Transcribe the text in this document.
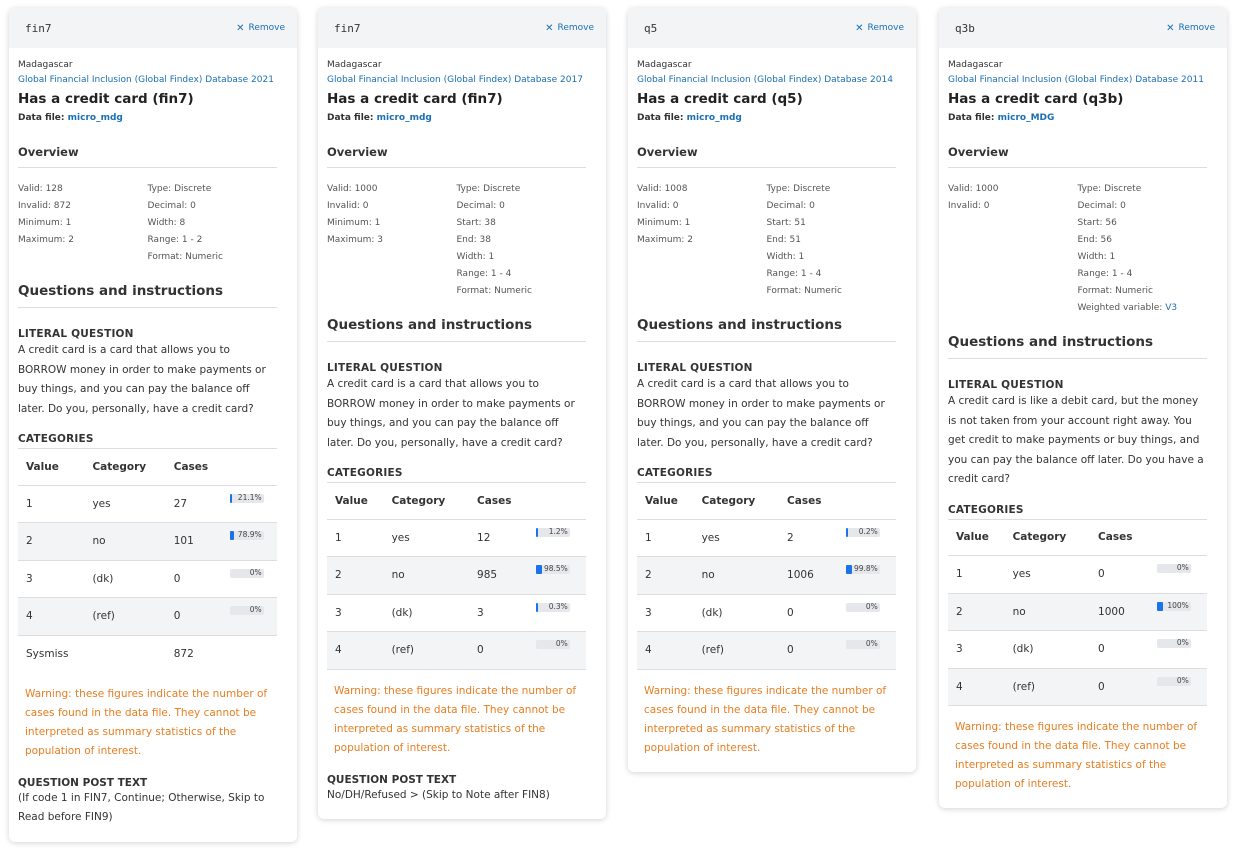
fin7	✕ Remove
Madagascar
Global Financial Inclusion (Global Findex) Database 2021
Has a credit card (fin7)
Data file: micro_mdg
Overview
Valid: 128
Invalid: 872
Minimum: 1
Maximum: 2
Type: Discrete
Decimal: 0
Width: 8
Range: 1 - 2
Format: Numeric
Questions and instructions
LITERAL QUESTION
A credit card is a card that allows you to BORROW money in order to make payments or buy things, and you can pay the balance off later. Do you, personally, have a credit card?
CATEGORIES
Value	Category	Cases	
1	yes	27	21.1%

2	no	101	78.9%

3	(dk)	0	0%

4	(ref)	0	0%

Sysmiss		872	
Warning: these figures indicate the number of cases found in the data file. They cannot be interpreted as summary statistics of the population of interest.
QUESTION POST TEXT
(If code 1 in FIN7, Continue; Otherwise, Skip to Read before FIN9)
fin7	✕ Remove
Madagascar
Global Financial Inclusion (Global Findex) Database 2017
Has a credit card (fin7)
Data file: micro_mdg
Overview
Valid: 1000
Invalid: 0
Minimum: 1
Maximum: 3
Type: Discrete
Decimal: 0
Start: 38
End: 38
Width: 1
Range: 1 - 4
Format: Numeric
Questions and instructions
LITERAL QUESTION
A credit card is a card that allows you to BORROW money in order to make payments or buy things, and you can pay the balance off later. Do you, personally, have a credit card?
CATEGORIES
Value	Category	Cases	
1	yes	12	1.2%

2	no	985	98.5%

3	(dk)	3	0.3%

4	(ref)	0	0%
Warning: these figures indicate the number of cases found in the data file. They cannot be interpreted as summary statistics of the population of interest.
QUESTION POST TEXT
No/DH/Refused > (Skip to Note after FIN8)
q5	✕ Remove
Madagascar
Global Financial Inclusion (Global Findex) Database 2014
Has a credit card (q5)
Data file: micro_mdg
Overview
Valid: 1008
Invalid: 0
Minimum: 1
Maximum: 2
Type: Discrete
Decimal: 0
Start: 51
End: 51
Width: 1
Range: 1 - 4
Format: Numeric
Questions and instructions
LITERAL QUESTION
A credit card is a card that allows you to BORROW money in order to make payments or buy things, and you can pay the balance off later. Do you, personally, have a credit card?
CATEGORIES
Value	Category	Cases	
1	yes	2	0.2%

2	no	1006	99.8%

3	(dk)	0	0%

4	(ref)	0	0%
Warning: these figures indicate the number of cases found in the data file. They cannot be interpreted as summary statistics of the population of interest.
q3b	✕ Remove
Madagascar
Global Financial Inclusion (Global Findex) Database 2011
Has a credit card (q3b)
Data file: micro_MDG
Overview
Valid: 1000
Invalid: 0
Type: Discrete
Decimal: 0
Start: 56
End: 56
Width: 1
Range: 1 - 4
Format: Numeric
Weighted variable: V3
Questions and instructions
LITERAL QUESTION
A credit card is like a debit card, but the money is not taken from your account right away. You get credit to make payments or buy things, and you can pay the balance off later. Do you have a credit card?
CATEGORIES
Value	Category	Cases	
1	yes	0	0%

2	no	1000	100%

3	(dk)	0	0%

4	(ref)	0	0%
Warning: these figures indicate the number of cases found in the data file. They cannot be interpreted as summary statistics of the population of interest.
